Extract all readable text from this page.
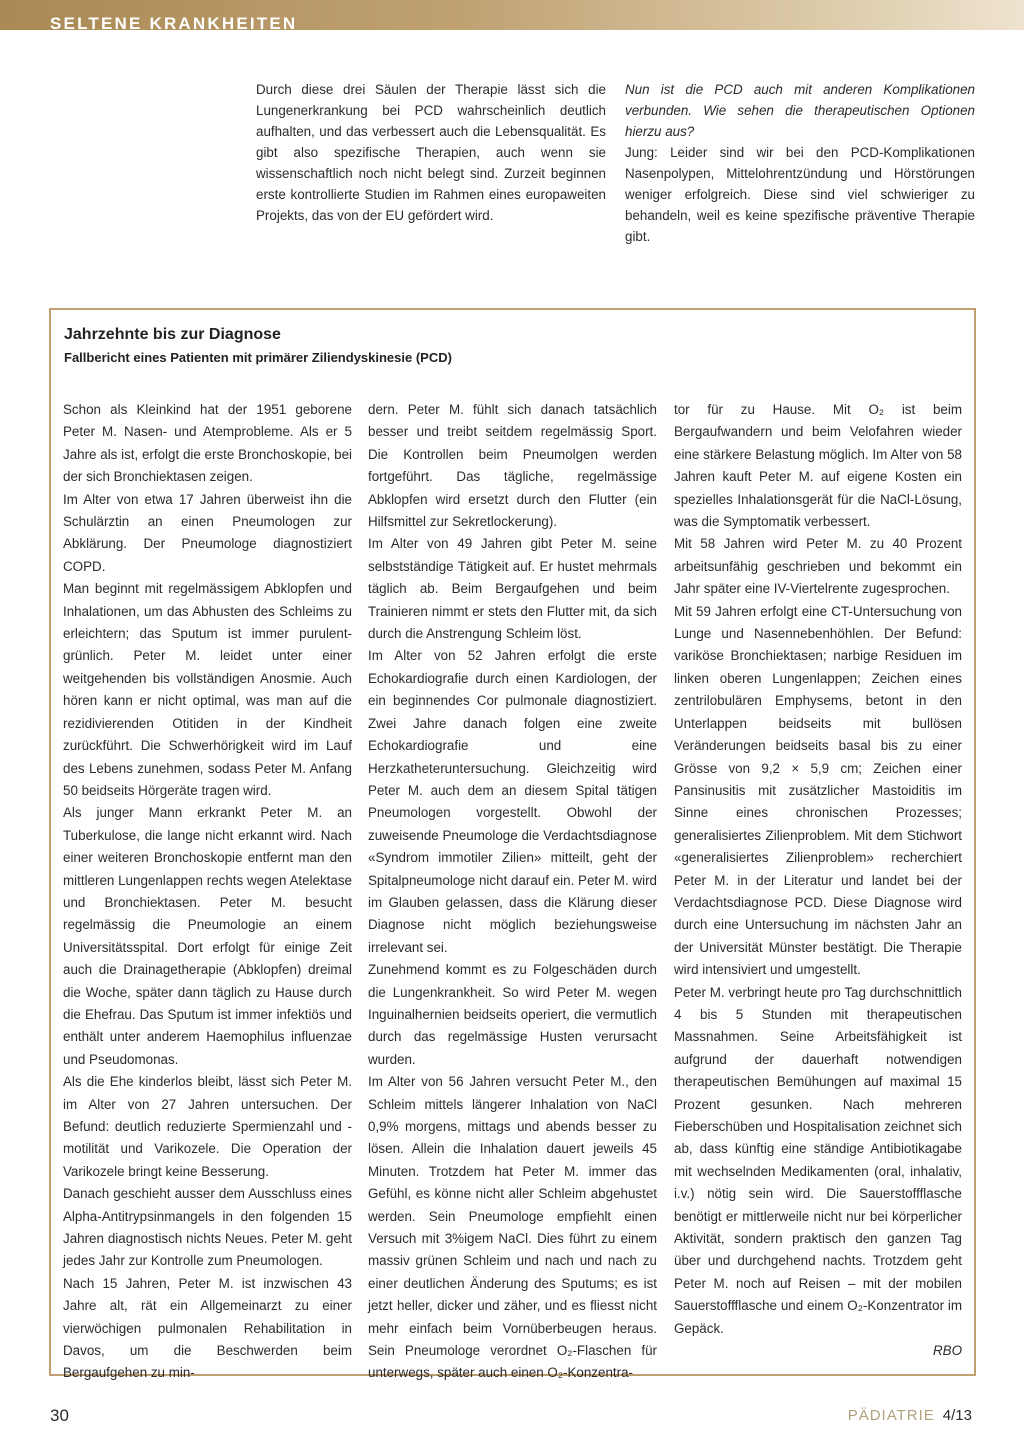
SELTENE KRANKHEITEN

Durch diese drei Säulen der Therapie lässt sich die Lungenerkrankung bei PCD wahrscheinlich deutlich aufhalten, und das verbessert auch die Lebensqualität. Es gibt also spezifische Therapien, auch wenn sie wissenschaftlich noch nicht belegt sind. Zurzeit beginnen erste kontrollierte Studien im Rahmen eines europaweiten Projekts, das von der EU gefördert wird.

Nun ist die PCD auch mit anderen Komplikationen verbunden. Wie sehen die therapeutischen Optionen hierzu aus?

Jung: Leider sind wir bei den PCD-Komplikationen Nasenpolypen, Mittelohrentzündung und Hörstörungen weniger erfolgreich. Diese sind viel schwieriger zu behandeln, weil es keine spezifische präventive Therapie gibt.

Jahrzehnte bis zur Diagnose
Fallbericht eines Patienten mit primärer Ziliendyskinesie (PCD)

Schon als Kleinkind hat der 1951 geborene Peter M. Nasen- und Atemprobleme. Als er 5 Jahre als ist, erfolgt die erste Bronchoskopie, bei der sich Bronchiektasen zeigen.

Im Alter von etwa 17 Jahren überweist ihn die Schulärztin an einen Pneumologen zur Abklärung. Der Pneumologe diagnostiziert COPD.

Man beginnt mit regelmässigem Abklopfen und Inhalationen, um das Abhusten des Schleims zu erleichtern; das Sputum ist immer purulent-grünlich. Peter M. leidet unter einer weitgehenden bis vollständigen Anosmie. Auch hören kann er nicht optimal, was man auf die rezidivierenden Otitiden in der Kindheit zurückführt. Die Schwerhörigkeit wird im Lauf des Lebens zunehmen, sodass Peter M. Anfang 50 beidseits Hörgeräte tragen wird.

Als junger Mann erkrankt Peter M. an Tuberkulose, die lange nicht erkannt wird. Nach einer weiteren Bronchoskopie entfernt man den mittleren Lungenlappen rechts wegen Atelektase und Bronchiektasen. Peter M. besucht regelmässig die Pneumologie an einem Universitätsspital. Dort erfolgt für einige Zeit auch die Drainagetherapie (Abklopfen) dreimal die Woche, später dann täglich zu Hause durch die Ehefrau. Das Sputum ist immer infektiös und enthält unter anderem Haemophilus influenzae und Pseudomonas.

Als die Ehe kinderlos bleibt, lässt sich Peter M. im Alter von 27 Jahren untersuchen. Der Befund: deutlich reduzierte Spermienzahl und -motilität und Varikozele. Die Operation der Varikozele bringt keine Besserung.

Danach geschieht ausser dem Ausschluss eines Alpha-Antitrypsinmangels in den folgenden 15 Jahren diagnostisch nichts Neues. Peter M. geht jedes Jahr zur Kontrolle zum Pneumologen.

Nach 15 Jahren, Peter M. ist inzwischen 43 Jahre alt, rät ein Allgemeinarzt zu einer vierwöchigen pulmonalen Rehabilitation in Davos, um die Beschwerden beim Bergaufgehen zu min-

dern. Peter M. fühlt sich danach tatsächlich besser und treibt seitdem regelmässig Sport. Die Kontrollen beim Pneumolgen werden fortgeführt. Das tägliche, regelmässige Abklopfen wird ersetzt durch den Flutter (ein Hilfsmittel zur Sekretlockerung).

Im Alter von 49 Jahren gibt Peter M. seine selbstständige Tätigkeit auf. Er hustet mehrmals täglich ab. Beim Bergaufgehen und beim Trainieren nimmt er stets den Flutter mit, da sich durch die Anstrengung Schleim löst.

Im Alter von 52 Jahren erfolgt die erste Echokardiografie durch einen Kardiologen, der ein beginnendes Cor pulmonale diagnostiziert. Zwei Jahre danach folgen eine zweite Echokardiografie und eine Herzkatheteruntersuchung. Gleichzeitig wird Peter M. auch dem an diesem Spital tätigen Pneumologen vorgestellt. Obwohl der zuweisende Pneumologe die Verdachtsdiagnose «Syndrom immotiler Zilien» mitteilt, geht der Spitalpneumologe nicht darauf ein. Peter M. wird im Glauben gelassen, dass die Klärung dieser Diagnose nicht möglich beziehungsweise irrelevant sei.

Zunehmend kommt es zu Folgeschäden durch die Lungenkrankheit. So wird Peter M. wegen Inguinalhernien beidseits operiert, die vermutlich durch das regelmässige Husten verursacht wurden.

Im Alter von 56 Jahren versucht Peter M., den Schleim mittels längerer Inhalation von NaCl 0,9% morgens, mittags und abends besser zu lösen. Allein die Inhalation dauert jeweils 45 Minuten. Trotzdem hat Peter M. immer das Gefühl, es könne nicht aller Schleim abgehustet werden. Sein Pneumologe empfiehlt einen Versuch mit 3%igem NaCl. Dies führt zu einem massiv grünen Schleim und nach und nach zu einer deutlichen Änderung des Sputums; es ist jetzt heller, dicker und zäher, und es fliesst nicht mehr einfach beim Vornüberbeugen heraus. Sein Pneumologe verordnet O₂-Flaschen für unterwegs, später auch einen O₂-Konzentra-

tor für zu Hause. Mit O₂ ist beim Bergaufwandern und beim Velofahren wieder eine stärkere Belastung möglich. Im Alter von 58 Jahren kauft Peter M. auf eigene Kosten ein spezielles Inhalationsgerät für die NaCl-Lösung, was die Symptomatik verbessert.

Mit 58 Jahren wird Peter M. zu 40 Prozent arbeitsunfähig geschrieben und bekommt ein Jahr später eine IV-Viertelrente zugesprochen.

Mit 59 Jahren erfolgt eine CT-Untersuchung von Lunge und Nasennebenhöhlen. Der Befund: variköse Bronchiektasen; narbige Residuen im linken oberen Lungenlappen; Zeichen eines zentrilobulären Emphysems, betont in den Unterlappen beidseits mit bullösen Veränderungen beidseits basal bis zu einer Grösse von 9,2 × 5,9 cm; Zeichen einer Pansinusitis mit zusätzlicher Mastoiditis im Sinne eines chronischen Prozesses; generalisiertes Zilienproblem. Mit dem Stichwort «generalisiertes Zilienproblem» recherchiert Peter M. in der Literatur und landet bei der Verdachtsdiagnose PCD. Diese Diagnose wird durch eine Untersuchung im nächsten Jahr an der Universität Münster bestätigt. Die Therapie wird intensiviert und umgestellt.

Peter M. verbringt heute pro Tag durchschnittlich 4 bis 5 Stunden mit therapeutischen Massnahmen. Seine Arbeitsfähigkeit ist aufgrund der dauerhaft notwendigen therapeutischen Bemühungen auf maximal 15 Prozent gesunken. Nach mehreren Fieberschüben und Hospitalisation zeichnet sich ab, dass künftig eine ständige Antibiotikagabe mit wechselnden Medikamenten (oral, inhalativ, i.v.) nötig sein wird. Die Sauerstoffflasche benötigt er mittlerweile nicht nur bei körperlicher Aktivität, sondern praktisch den ganzen Tag über und durchgehend nachts. Trotzdem geht Peter M. noch auf Reisen – mit der mobilen Sauerstoffflasche und einem O₂-Konzentrator im Gepäck.

RBO

30	PÄDIATRIE 4/13
